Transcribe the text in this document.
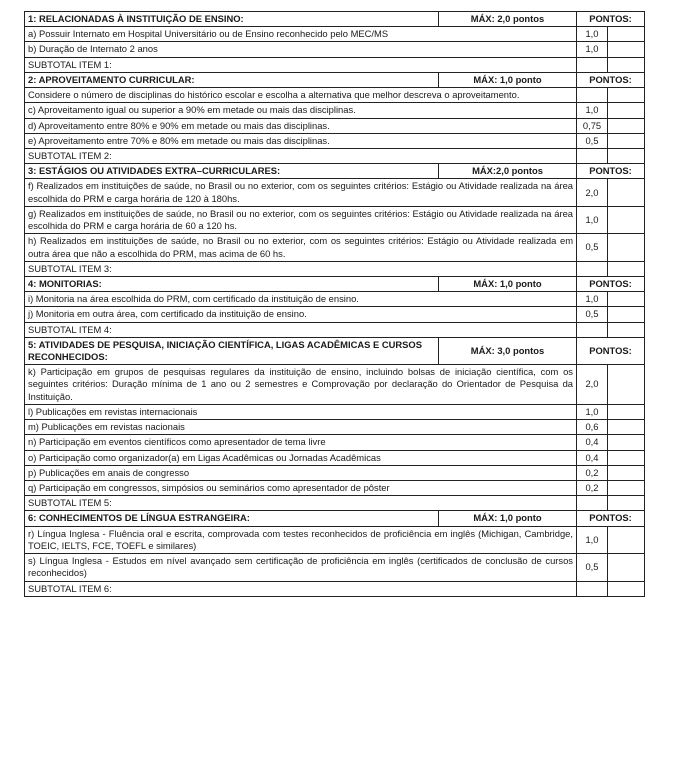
1: RELACIONADAS À INSTITUIÇÃO DE ENSINO:	MÁX: 2,0 pontos	PONTOS:	
a) Possuir Internato em Hospital Universitário ou de Ensino reconhecido pelo MEC/MS		1,0	
b) Duração de Internato 2 anos		1,0	
SUBTOTAL ITEM 1:			
2: APROVEITAMENTO CURRICULAR:	MÁX: 1,0 ponto	PONTOS:	
Considere o número de disciplinas do histórico escolar e escolha a alternativa que melhor descreva o aproveitamento.			
c) Aproveitamento igual ou superior a 90% em metade ou mais das disciplinas.		1,0	
d) Aproveitamento entre 80% e 90% em metade ou mais das disciplinas.		0,75	
e) Aproveitamento entre 70% e 80% em metade ou mais das disciplinas.		0,5	
SUBTOTAL ITEM 2:			
3: ESTÁGIOS OU ATIVIDADES EXTRA–CURRICULARES:	MÁX:2,0 pontos	PONTOS:	
f) Realizados em instituições de saúde, no Brasil ou no exterior, com os seguintes critérios: Estágio ou Atividade realizada na área escolhida do PRM e carga horária de 120 à 180hs.		2,0	
g) Realizados em instituições de saúde, no Brasil ou no exterior, com os seguintes critérios: Estágio ou Atividade realizada na área escolhida do PRM e carga horária de 60 a 120 hs.		1,0	
h) Realizados em instituições de saúde, no Brasil ou no exterior, com os seguintes critérios: Estágio ou Atividade realizada em outra área que não a escolhida do PRM, mas acima de 60 hs.		0,5	
SUBTOTAL ITEM 3:			
4: MONITORIAS:	MÁX: 1,0 ponto	PONTOS:	
i) Monitoria na área escolhida do PRM, com certificado da instituição de ensino.		1,0	
j) Monitoria em outra área, com certificado da instituição de ensino.		0,5	
SUBTOTAL ITEM 4:			
5: ATIVIDADES DE PESQUISA, INICIAÇÃO CIENTÍFICA, LIGAS ACADÊMICAS E CURSOS RECONHECIDOS:	MÁX: 3,0 pontos	PONTOS:	
k) Participação em grupos de pesquisas regulares da instituição de ensino, incluindo bolsas de iniciação científica, com os seguintes critérios: Duração mínima de 1 ano ou 2 semestres e Comprovação por declaração do Orientador de Pesquisa da Instituição.		2,0	
l) Publicações em revistas internacionais		1,0	
m) Publicações em revistas nacionais		0,6	
n) Participação em eventos científicos como apresentador de tema livre		0,4	
o) Participação como organizador(a) em Ligas Acadêmicas ou Jornadas Acadêmicas		0,4	
p) Publicações em anais de congresso		0,2	
q) Participação em congressos, simpósios ou seminários como apresentador de pôster		0,2	
SUBTOTAL ITEM 5:			
6: CONHECIMENTOS DE LÍNGUA ESTRANGEIRA:	MÁX: 1,0 ponto	PONTOS:	
r) Língua Inglesa - Fluência oral e escrita, comprovada com testes reconhecidos de proficiência em inglês (Michigan, Cambridge, TOEIC, IELTS, FCE, TOEFL e similares)		1,0	
s) Língua Inglesa - Estudos em nível avançado sem certificação de proficiência em inglês (certificados de conclusão de cursos reconhecidos)		0,5	
SUBTOTAL ITEM 6:			
